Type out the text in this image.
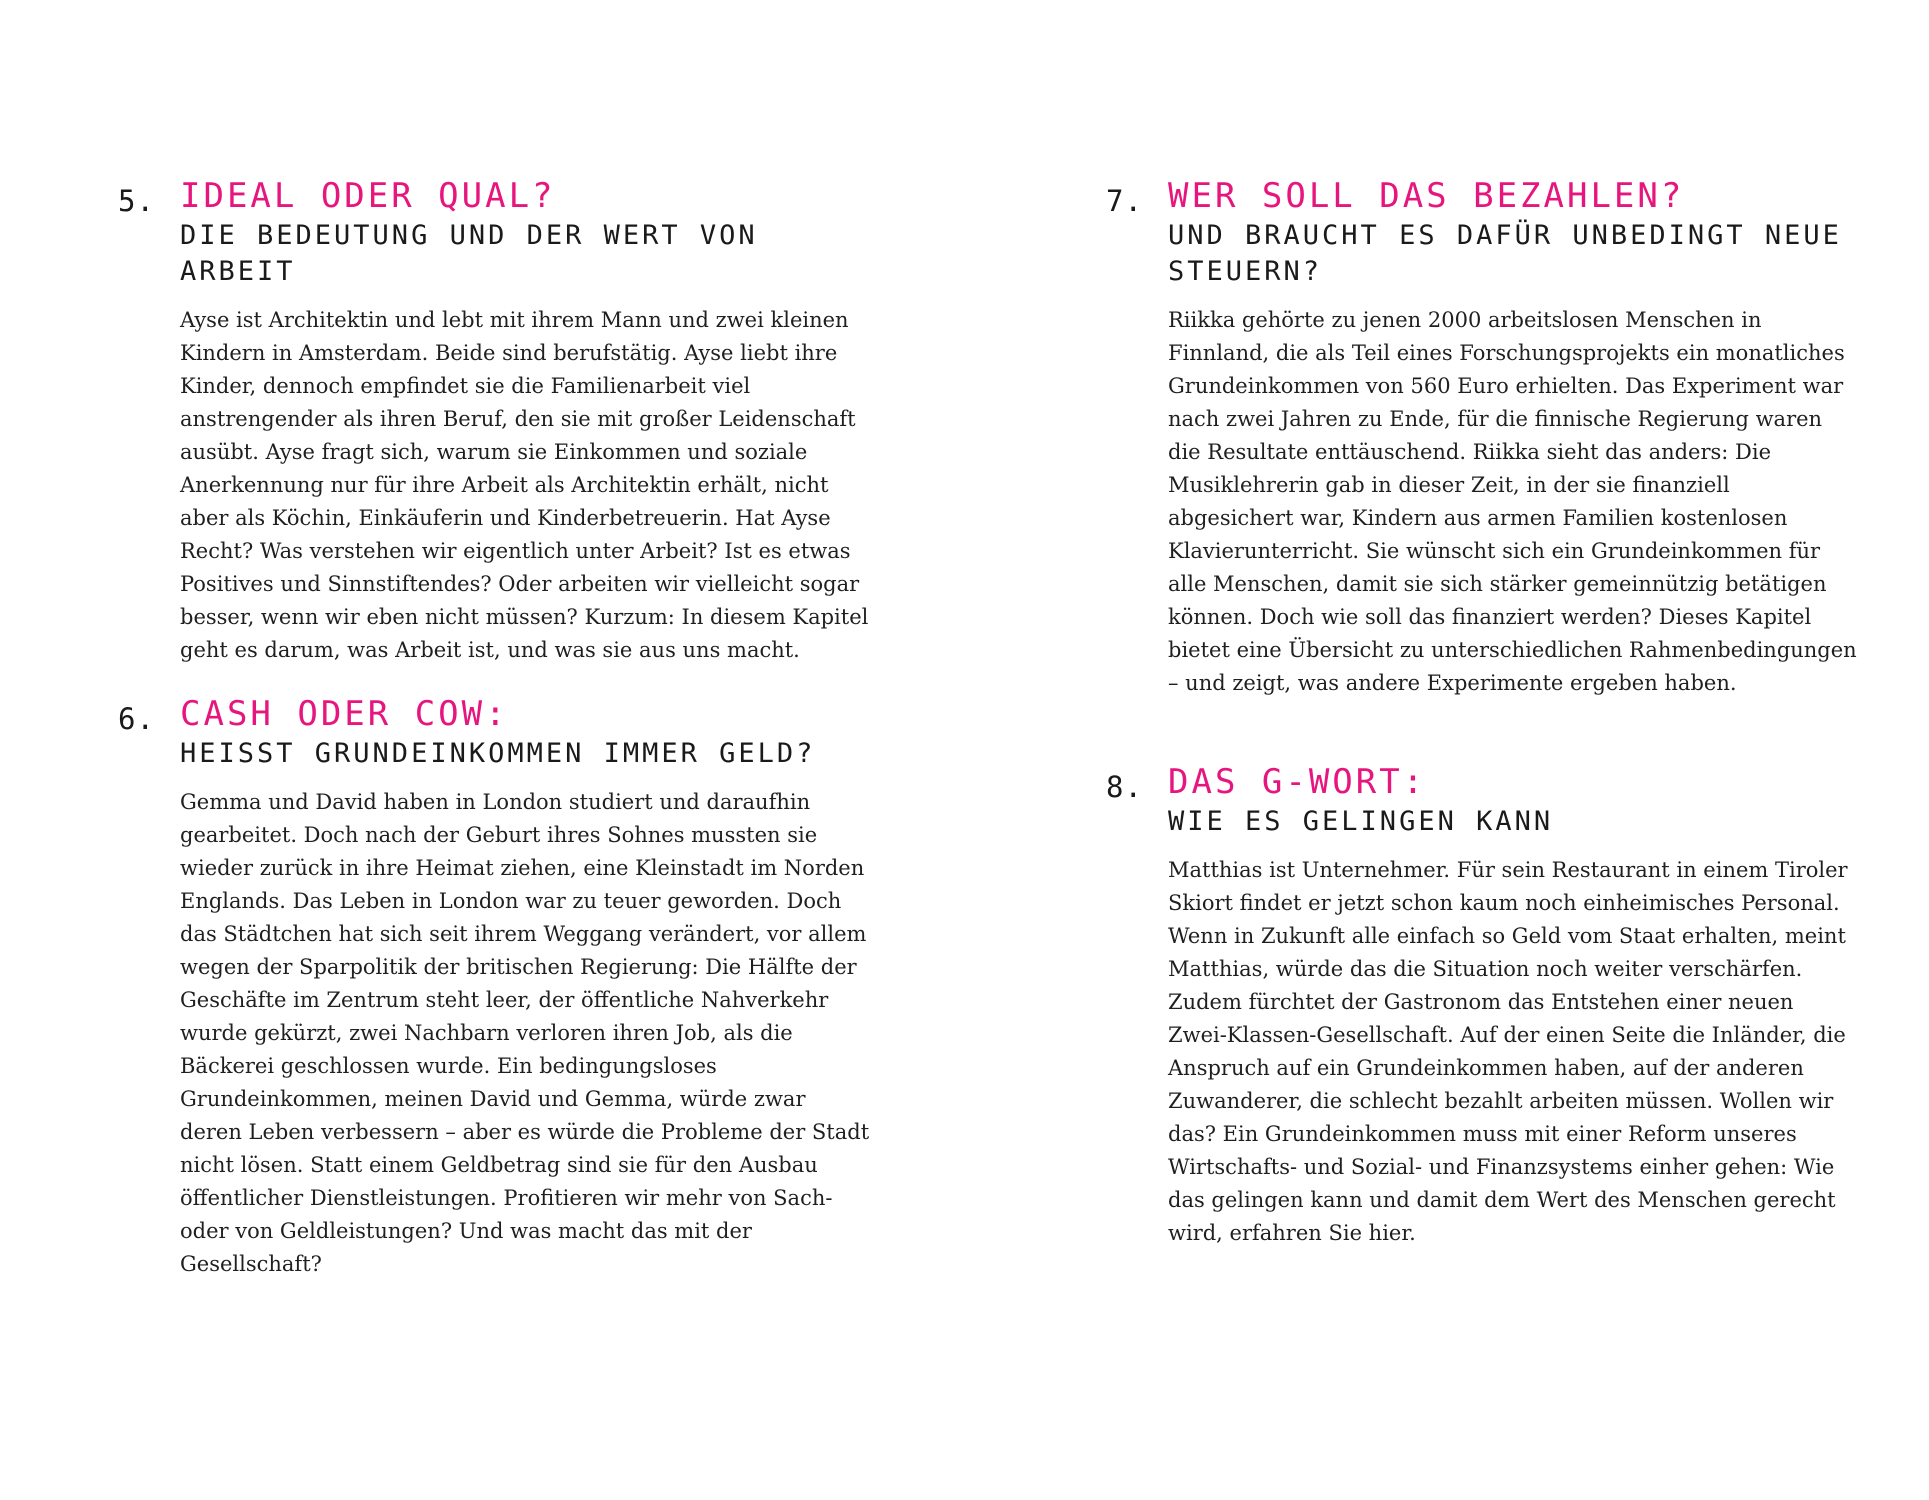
5. IDEAL ODER QUAL?
DIE BEDEUTUNG UND DER WERT VON ARBEIT
Ayse ist Architektin und lebt mit ihrem Mann und zwei kleinen Kindern in Amsterdam. Beide sind berufstätig. Ayse liebt ihre Kinder, dennoch empfindet sie die Familienarbeit viel anstrengender als ihren Beruf, den sie mit großer Leidenschaft ausübt. Ayse fragt sich, warum sie Einkommen und soziale Anerkennung nur für ihre Arbeit als Architektin erhält, nicht aber als Köchin, Einkäuferin und Kinderbetreuerin. Hat Ayse Recht? Was verstehen wir eigentlich unter Arbeit? Ist es etwas Positives und Sinnstiftendes? Oder arbeiten wir vielleicht sogar besser, wenn wir eben nicht müssen? Kurzum: In diesem Kapitel geht es darum, was Arbeit ist, und was sie aus uns macht.
6. CASH ODER COW:
HEISST GRUNDEINKOMMEN IMMER GELD?
Gemma und David haben in London studiert und daraufhin gearbeitet. Doch nach der Geburt ihres Sohnes mussten sie wieder zurück in ihre Heimat ziehen, eine Kleinstadt im Norden Englands. Das Leben in London war zu teuer geworden. Doch das Städtchen hat sich seit ihrem Weggang verändert, vor allem wegen der Sparpolitik der britischen Regierung: Die Hälfte der Geschäfte im Zentrum steht leer, der öffentliche Nahverkehr wurde gekürzt, zwei Nachbarn verloren ihren Job, als die Bäckerei geschlossen wurde. Ein bedingungsloses Grundeinkommen, meinen David und Gemma, würde zwar deren Leben verbessern – aber es würde die Probleme der Stadt nicht lösen. Statt einem Geldbetrag sind sie für den Ausbau öffentlicher Dienstleistungen. Profitieren wir mehr von Sach- oder von Geldleistungen? Und was macht das mit der Gesellschaft?
7. WER SOLL DAS BEZAHLEN?
UND BRAUCHT ES DAFÜR UNBEDINGT NEUE STEUERN?
Riikka gehörte zu jenen 2000 arbeitslosen Menschen in Finnland, die als Teil eines Forschungsprojekts ein monatliches Grundeinkommen von 560 Euro erhielten. Das Experiment war nach zwei Jahren zu Ende, für die finnische Regierung waren die Resultate enttäuschend. Riikka sieht das anders: Die Musiklehrerin gab in dieser Zeit, in der sie finanziell abgesichert war, Kindern aus armen Familien kostenlosen Klavierunterricht. Sie wünscht sich ein Grundeinkommen für alle Menschen, damit sie sich stärker gemeinnützig betätigen können. Doch wie soll das finanziert werden? Dieses Kapitel bietet eine Übersicht zu unterschiedlichen Rahmenbedingungen – und zeigt, was andere Experimente ergeben haben.
8. DAS G-WORT:
WIE ES GELINGEN KANN
Matthias ist Unternehmer. Für sein Restaurant in einem Tiroler Skiort findet er jetzt schon kaum noch einheimisches Personal. Wenn in Zukunft alle einfach so Geld vom Staat erhalten, meint Matthias, würde das die Situation noch weiter verschärfen. Zudem fürchtet der Gastronom das Entstehen einer neuen Zwei-Klassen-Gesellschaft. Auf der einen Seite die Inländer, die Anspruch auf ein Grundeinkommen haben, auf der anderen Zuwanderer, die schlecht bezahlt arbeiten müssen. Wollen wir das? Ein Grundeinkommen muss mit einer Reform unseres Wirtschafts- und Sozial- und Finanzsystems einher gehen: Wie das gelingen kann und damit dem Wert des Menschen gerecht wird, erfahren Sie hier.
